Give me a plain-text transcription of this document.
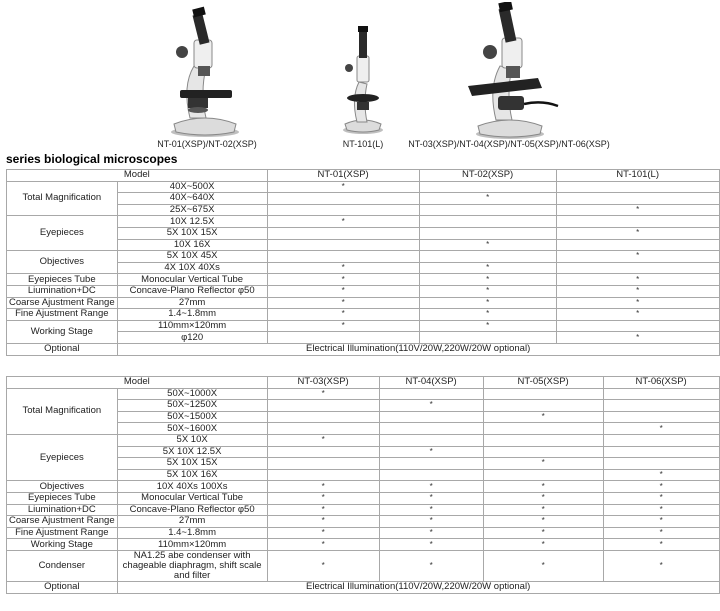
NT-01(XSP)/NT-02(XSP)	NT-101(L)	NT-03(XSP)/NT-04(XSP)/NT-05(XSP)/NT-06(XSP)
series biological microscopes
Model		NT-01(XSP)	NT-02(XSP)	NT-101(L)
Total Magnification	40X~500X	*		
	40X~640X		*	
	25X~675X			*
Eyepieces	10X 12.5X	*		
	5X 10X 15X			*
	10X 16X		*	
Objectives	5X 10X 45X			*
	4X 10X 40Xs	*	*	
Eyepieces Tube	Monocular Vertical Tube	*	*	*
Liumination+DC	Concave-Plano Reflector φ50	*	*	*
Coarse Ajustment Range	27mm	*	*	*
Fine Ajustment Range	1.4~1.8mm	*	*	*
Working Stage	110mm×120mm	*	*	
	φ120			*
Optional	Electrical Illumination(110V/20W,220W/20W optional)			
Model		NT-03(XSP)	NT-04(XSP)	NT-05(XSP)	NT-06(XSP)
Total Magnification	50X~1000X	*			
	50X~1250X		*		
	50X~1500X			*	
	50X~1600X				*
Eyepieces	5X 10X	*			
	5X 10X 12.5X		*		
	5X 10X 15X			*	
	5X 10X 16X				*
Objectives	10X 40Xs 100Xs	*	*	*	*
Eyepieces Tube	Monocular Vertical Tube	*	*	*	*
Liumination+DC	Concave-Plano Reflector φ50	*	*	*	*
Coarse Ajustment Range	27mm	*	*	*	*
Fine Ajustment Range	1.4~1.8mm	*	*	*	*
Working Stage	110mm×120mm	*	*	*	*
Condenser	NA1.25 abe condenser with chageable diaphragm, shift scale and filter	*	*	*	*
Optional	Electrical Illumination(110V/20W,220W/20W optional)				
